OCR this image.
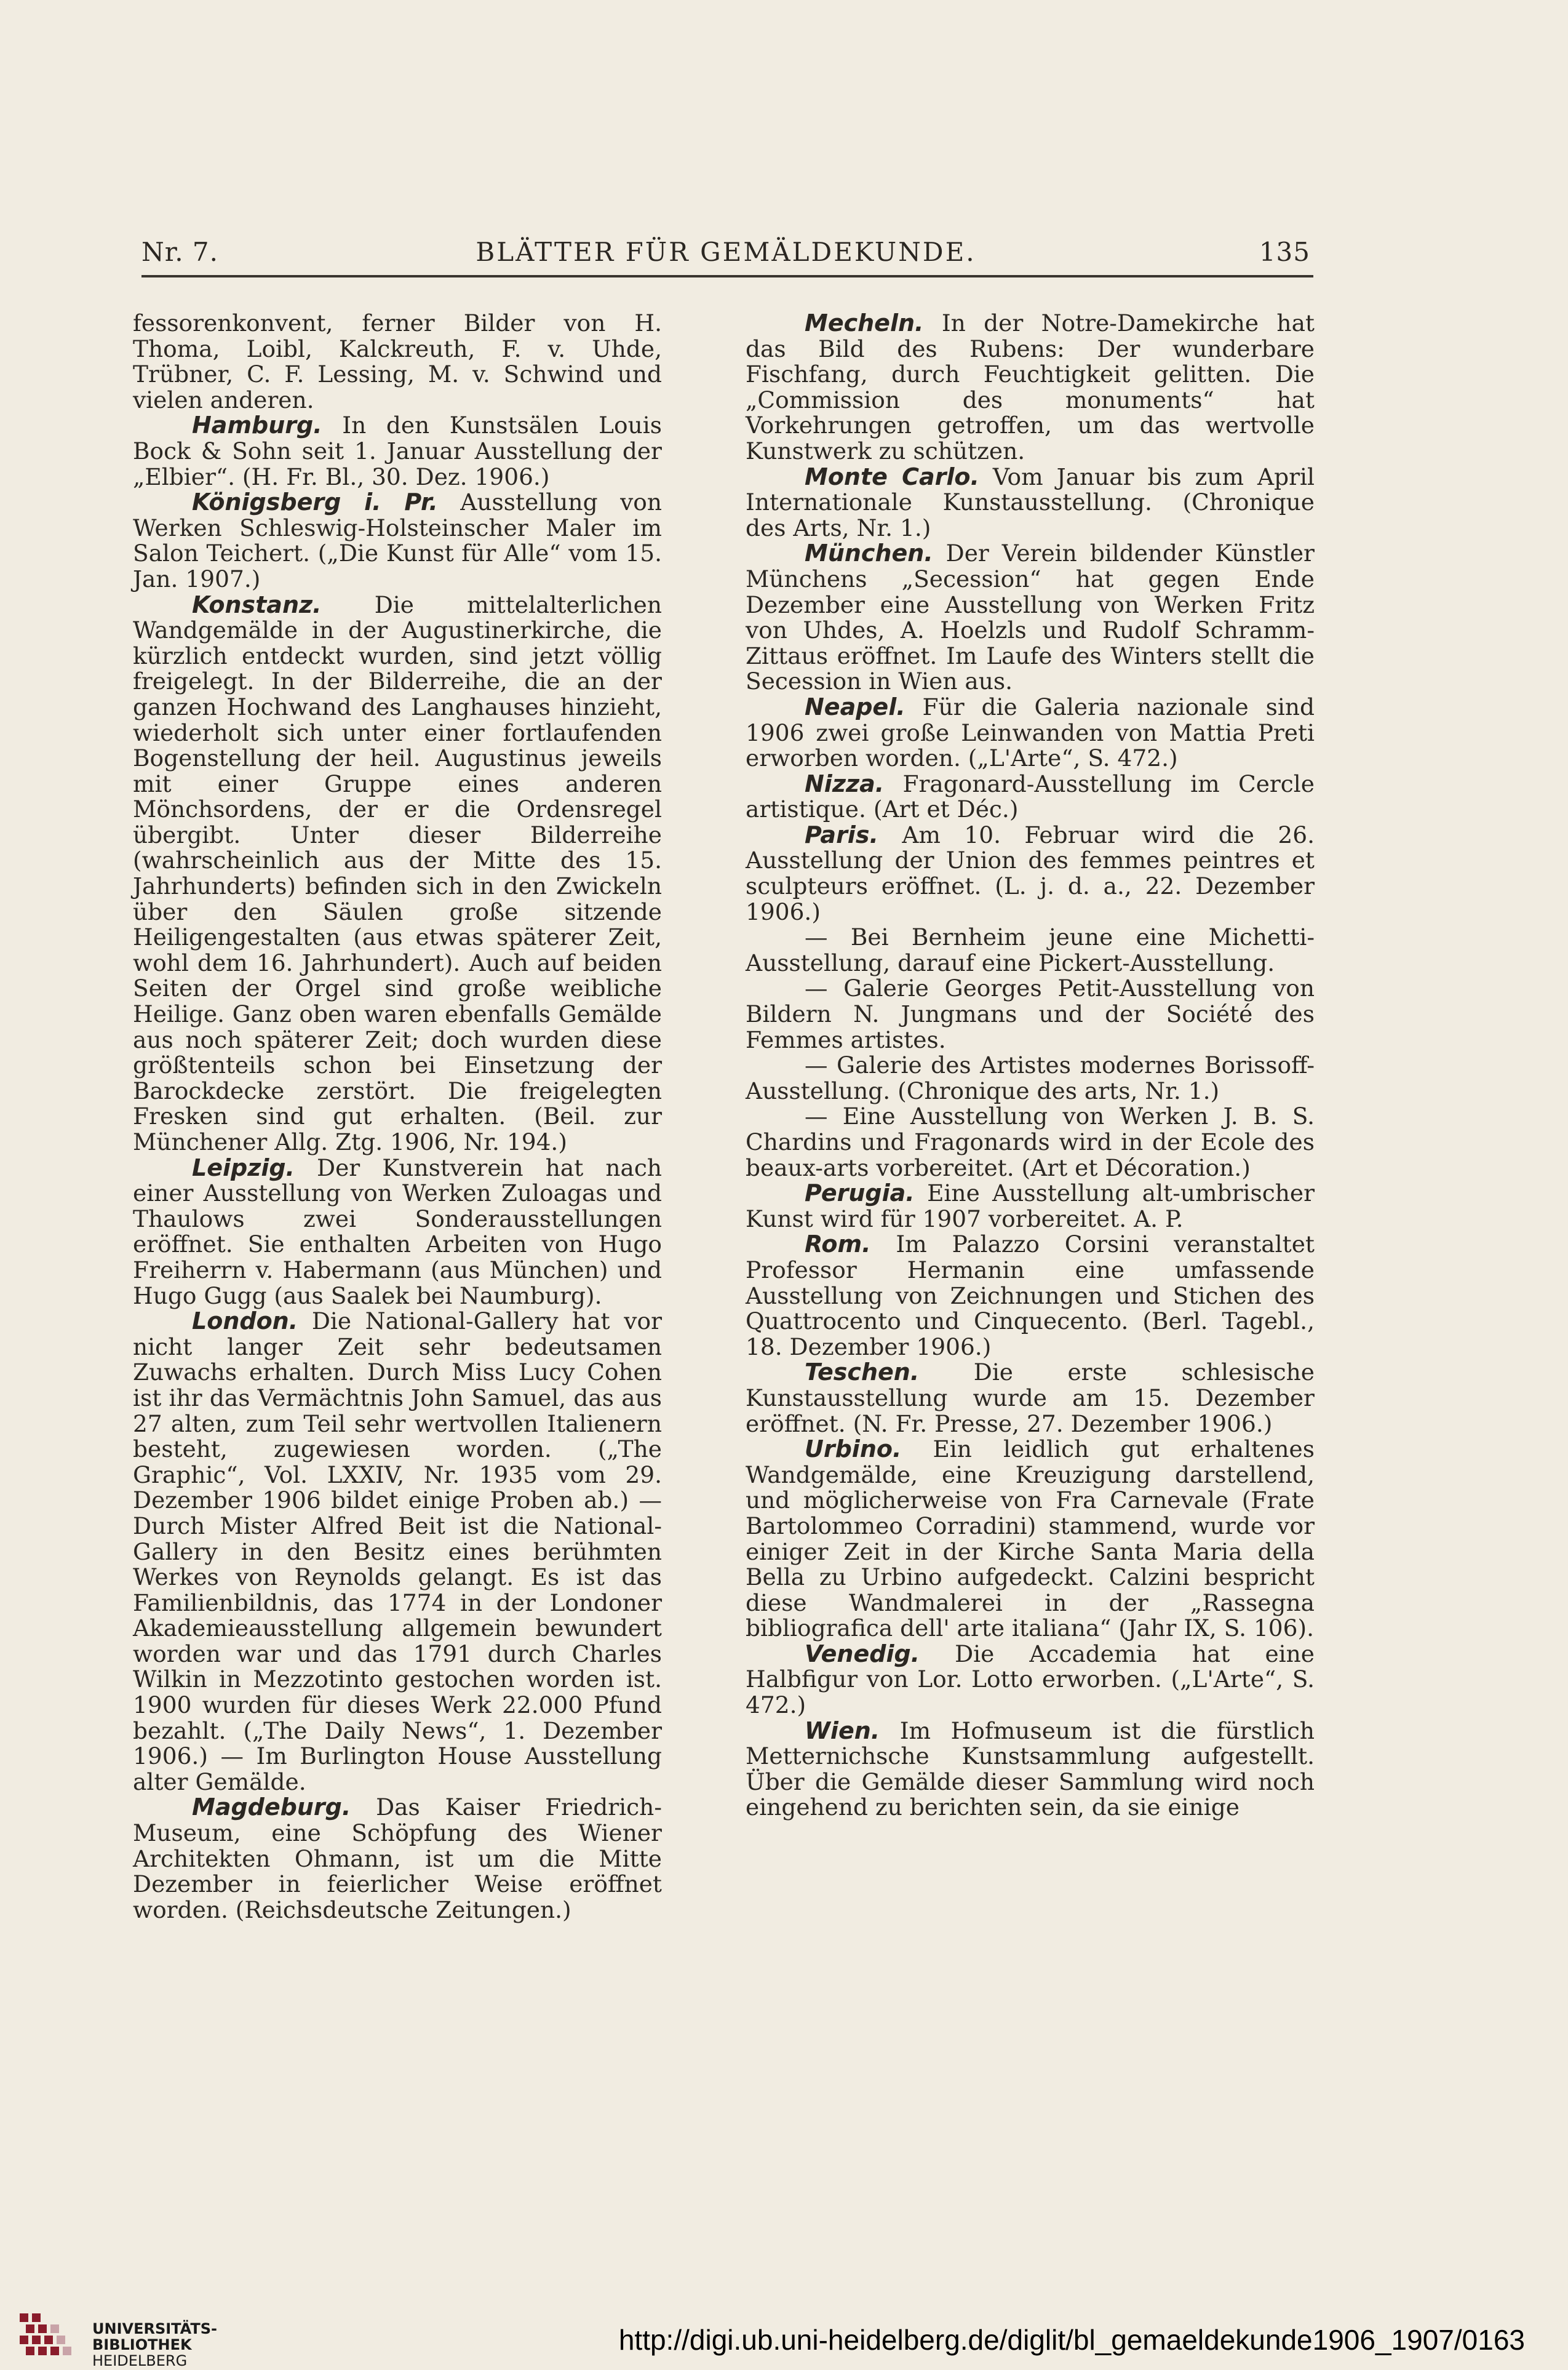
Nr. 7.	BLÄTTER FÜR GEMÄLDEKUNDE.	135

fessorenkonvent, ferner Bilder von H. Thoma, Loibl, Kalckreuth, F. v. Uhde, Trübner, C. F. Lessing, M. v. Schwind und vielen anderen.

Hamburg. In den Kunstsälen Louis Bock & Sohn seit 1. Januar Ausstellung der „Elbier“. (H. Fr. Bl., 30. Dez. 1906.)

Königsberg i. Pr. Ausstellung von Werken Schleswig-Holsteinscher Maler im Salon Teichert. („Die Kunst für Alle“ vom 15. Jan. 1907.)

Konstanz. Die mittelalterlichen Wandgemälde in der Augustinerkirche, die kürzlich entdeckt wurden, sind jetzt völlig freigelegt. In der Bilderreihe, die an der ganzen Hochwand des Langhauses hinzieht, wiederholt sich unter einer fortlaufenden Bogenstellung der heil. Augustinus jeweils mit einer Gruppe eines anderen Mönchsordens, der er die Ordensregel übergibt. Unter dieser Bilderreihe (wahrscheinlich aus der Mitte des 15. Jahrhunderts) befinden sich in den Zwickeln über den Säulen große sitzende Heiligengestalten (aus etwas späterer Zeit, wohl dem 16. Jahrhundert). Auch auf beiden Seiten der Orgel sind große weibliche Heilige. Ganz oben waren ebenfalls Gemälde aus noch späterer Zeit; doch wurden diese größtenteils schon bei Einsetzung der Barockdecke zerstört. Die freigelegten Fresken sind gut erhalten. (Beil. zur Münchener Allg. Ztg. 1906, Nr. 194.)

Leipzig. Der Kunstverein hat nach einer Ausstellung von Werken Zuloagas und Thaulows zwei Sonderausstellungen eröffnet. Sie enthalten Arbeiten von Hugo Freiherrn v. Habermann (aus München) und Hugo Gugg (aus Saalek bei Naumburg).

London. Die National-Gallery hat vor nicht langer Zeit sehr bedeutsamen Zuwachs erhalten. Durch Miss Lucy Cohen ist ihr das Vermächtnis John Samuel, das aus 27 alten, zum Teil sehr wertvollen Italienern besteht, zugewiesen worden. („The Graphic“, Vol. LXXIV, Nr. 1935 vom 29. Dezember 1906 bildet einige Proben ab.) — Durch Mister Alfred Beit ist die National-Gallery in den Besitz eines berühmten Werkes von Reynolds gelangt. Es ist das Familienbildnis, das 1774 in der Londoner Akademieausstellung allgemein bewundert worden war und das 1791 durch Charles Wilkin in Mezzotinto gestochen worden ist. 1900 wurden für dieses Werk 22.000 Pfund bezahlt. („The Daily News“, 1. Dezember 1906.) — Im Burlington House Ausstellung alter Gemälde.

Magdeburg. Das Kaiser Friedrich-Museum, eine Schöpfung des Wiener Architekten Ohmann, ist um die Mitte Dezember in feierlicher Weise eröffnet worden. (Reichsdeutsche Zeitungen.)

Mecheln. In der Notre-Damekirche hat das Bild des Rubens: Der wunderbare Fischfang, durch Feuchtigkeit gelitten. Die „Commission des monuments“ hat Vorkehrungen getroffen, um das wertvolle Kunstwerk zu schützen.

Monte Carlo. Vom Januar bis zum April Internationale Kunstausstellung. (Chronique des Arts, Nr. 1.)

München. Der Verein bildender Künstler Münchens „Secession“ hat gegen Ende Dezember eine Ausstellung von Werken Fritz von Uhdes, A. Hoelzls und Rudolf Schramm-Zittaus eröffnet. Im Laufe des Winters stellt die Secession in Wien aus.

Neapel. Für die Galeria nazionale sind 1906 zwei große Leinwanden von Mattia Preti erworben worden. („L'Arte“, S. 472.)

Nizza. Fragonard-Ausstellung im Cercle artistique. (Art et Déc.)

Paris. Am 10. Februar wird die 26. Ausstellung der Union des femmes peintres et sculpteurs eröffnet. (L. j. d. a., 22. Dezember 1906.)

— Bei Bernheim jeune eine Michetti-Ausstellung, darauf eine Pickert-Ausstellung.

— Galerie Georges Petit-Ausstellung von Bildern N. Jungmans und der Société des Femmes artistes.

— Galerie des Artistes modernes Borissoff-Ausstellung. (Chronique des arts, Nr. 1.)

— Eine Ausstellung von Werken J. B. S. Chardins und Fragonards wird in der Ecole des beaux-arts vorbereitet. (Art et Décoration.)

Perugia. Eine Ausstellung alt-umbrischer Kunst wird für 1907 vorbereitet. A. P.

Rom. Im Palazzo Corsini veranstaltet Professor Hermanin eine umfassende Ausstellung von Zeichnungen und Stichen des Quattrocento und Cinquecento. (Berl. Tagebl., 18. Dezember 1906.)

Teschen. Die erste schlesische Kunstausstellung wurde am 15. Dezember eröffnet. (N. Fr. Presse, 27. Dezember 1906.)

Urbino. Ein leidlich gut erhaltenes Wandgemälde, eine Kreuzigung darstellend, und möglicherweise von Fra Carnevale (Frate Bartolommeo Corradini) stammend, wurde vor einiger Zeit in der Kirche Santa Maria della Bella zu Urbino aufgedeckt. Calzini bespricht diese Wandmalerei in der „Rassegna bibliografica dell' arte italiana“ (Jahr IX, S. 106).

Venedig. Die Accademia hat eine Halbfigur von Lor. Lotto erworben. („L'Arte“, S. 472.)

Wien. Im Hofmuseum ist die fürstlich Metternichsche Kunstsammlung aufgestellt. Über die Gemälde dieser Sammlung wird noch eingehend zu berichten sein, da sie einige

UNIVERSITÄTS-
BIBLIOTHEK
HEIDELBERG
http://digi.ub.uni-heidelberg.de/diglit/bl_gemaeldekunde1906_1907/0163
